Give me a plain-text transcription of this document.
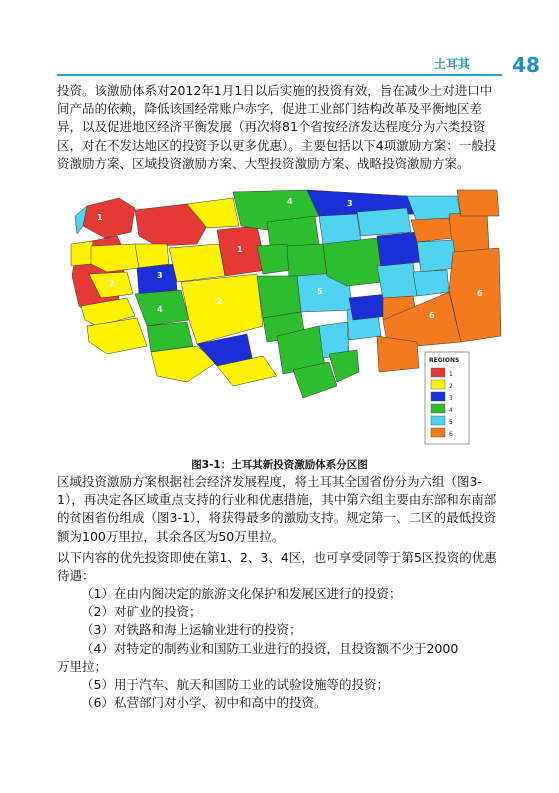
土耳其	48

投资。该激励体系对2012年1月1日以后实施的投资有效，旨在减少土对进口中间产品的依赖，降低该国经常账户赤字，促进工业部门结构改革及平衡地区差异，以及促进地区经济平衡发展（再次将81个省按经济发达程度分为六类投资区，对在不发达地区的投资予以更多优惠）。主要包括以下4项激励方案：一般投资激励方案、区域投资激励方案、大型投资激励方案、战略投资激励方案。

1
2
3
4
1
2
5	6
6
3
4
REGIONS
1
2
3
4
5
6
图3-1：土耳其新投资激励体系分区图

区域投资激励方案根据社会经济发展程度，将土耳其全国省份分为六组（图3-1），再决定各区域重点支持的行业和优惠措施，其中第六组主要由东部和东南部的贫困省份组成（图3-1），将获得最多的激励支持。规定第一、二区的最低投资额为100万里拉，其余各区为50万里拉。

以下内容的优先投资即使在第1、2、3、4区，也可享受同等于第5区投资的优惠待遇：

（1）在由内阁决定的旅游文化保护和发展区进行的投资；
（2）对矿业的投资；
（3）对铁路和海上运输业进行的投资；
（4）对特定的制药业和国防工业进行的投资，且投资额不少于2000
万里拉；
（5）用于汽车、航天和国防工业的试验设施等的投资；
（6）私营部门对小学、初中和高中的投资。
